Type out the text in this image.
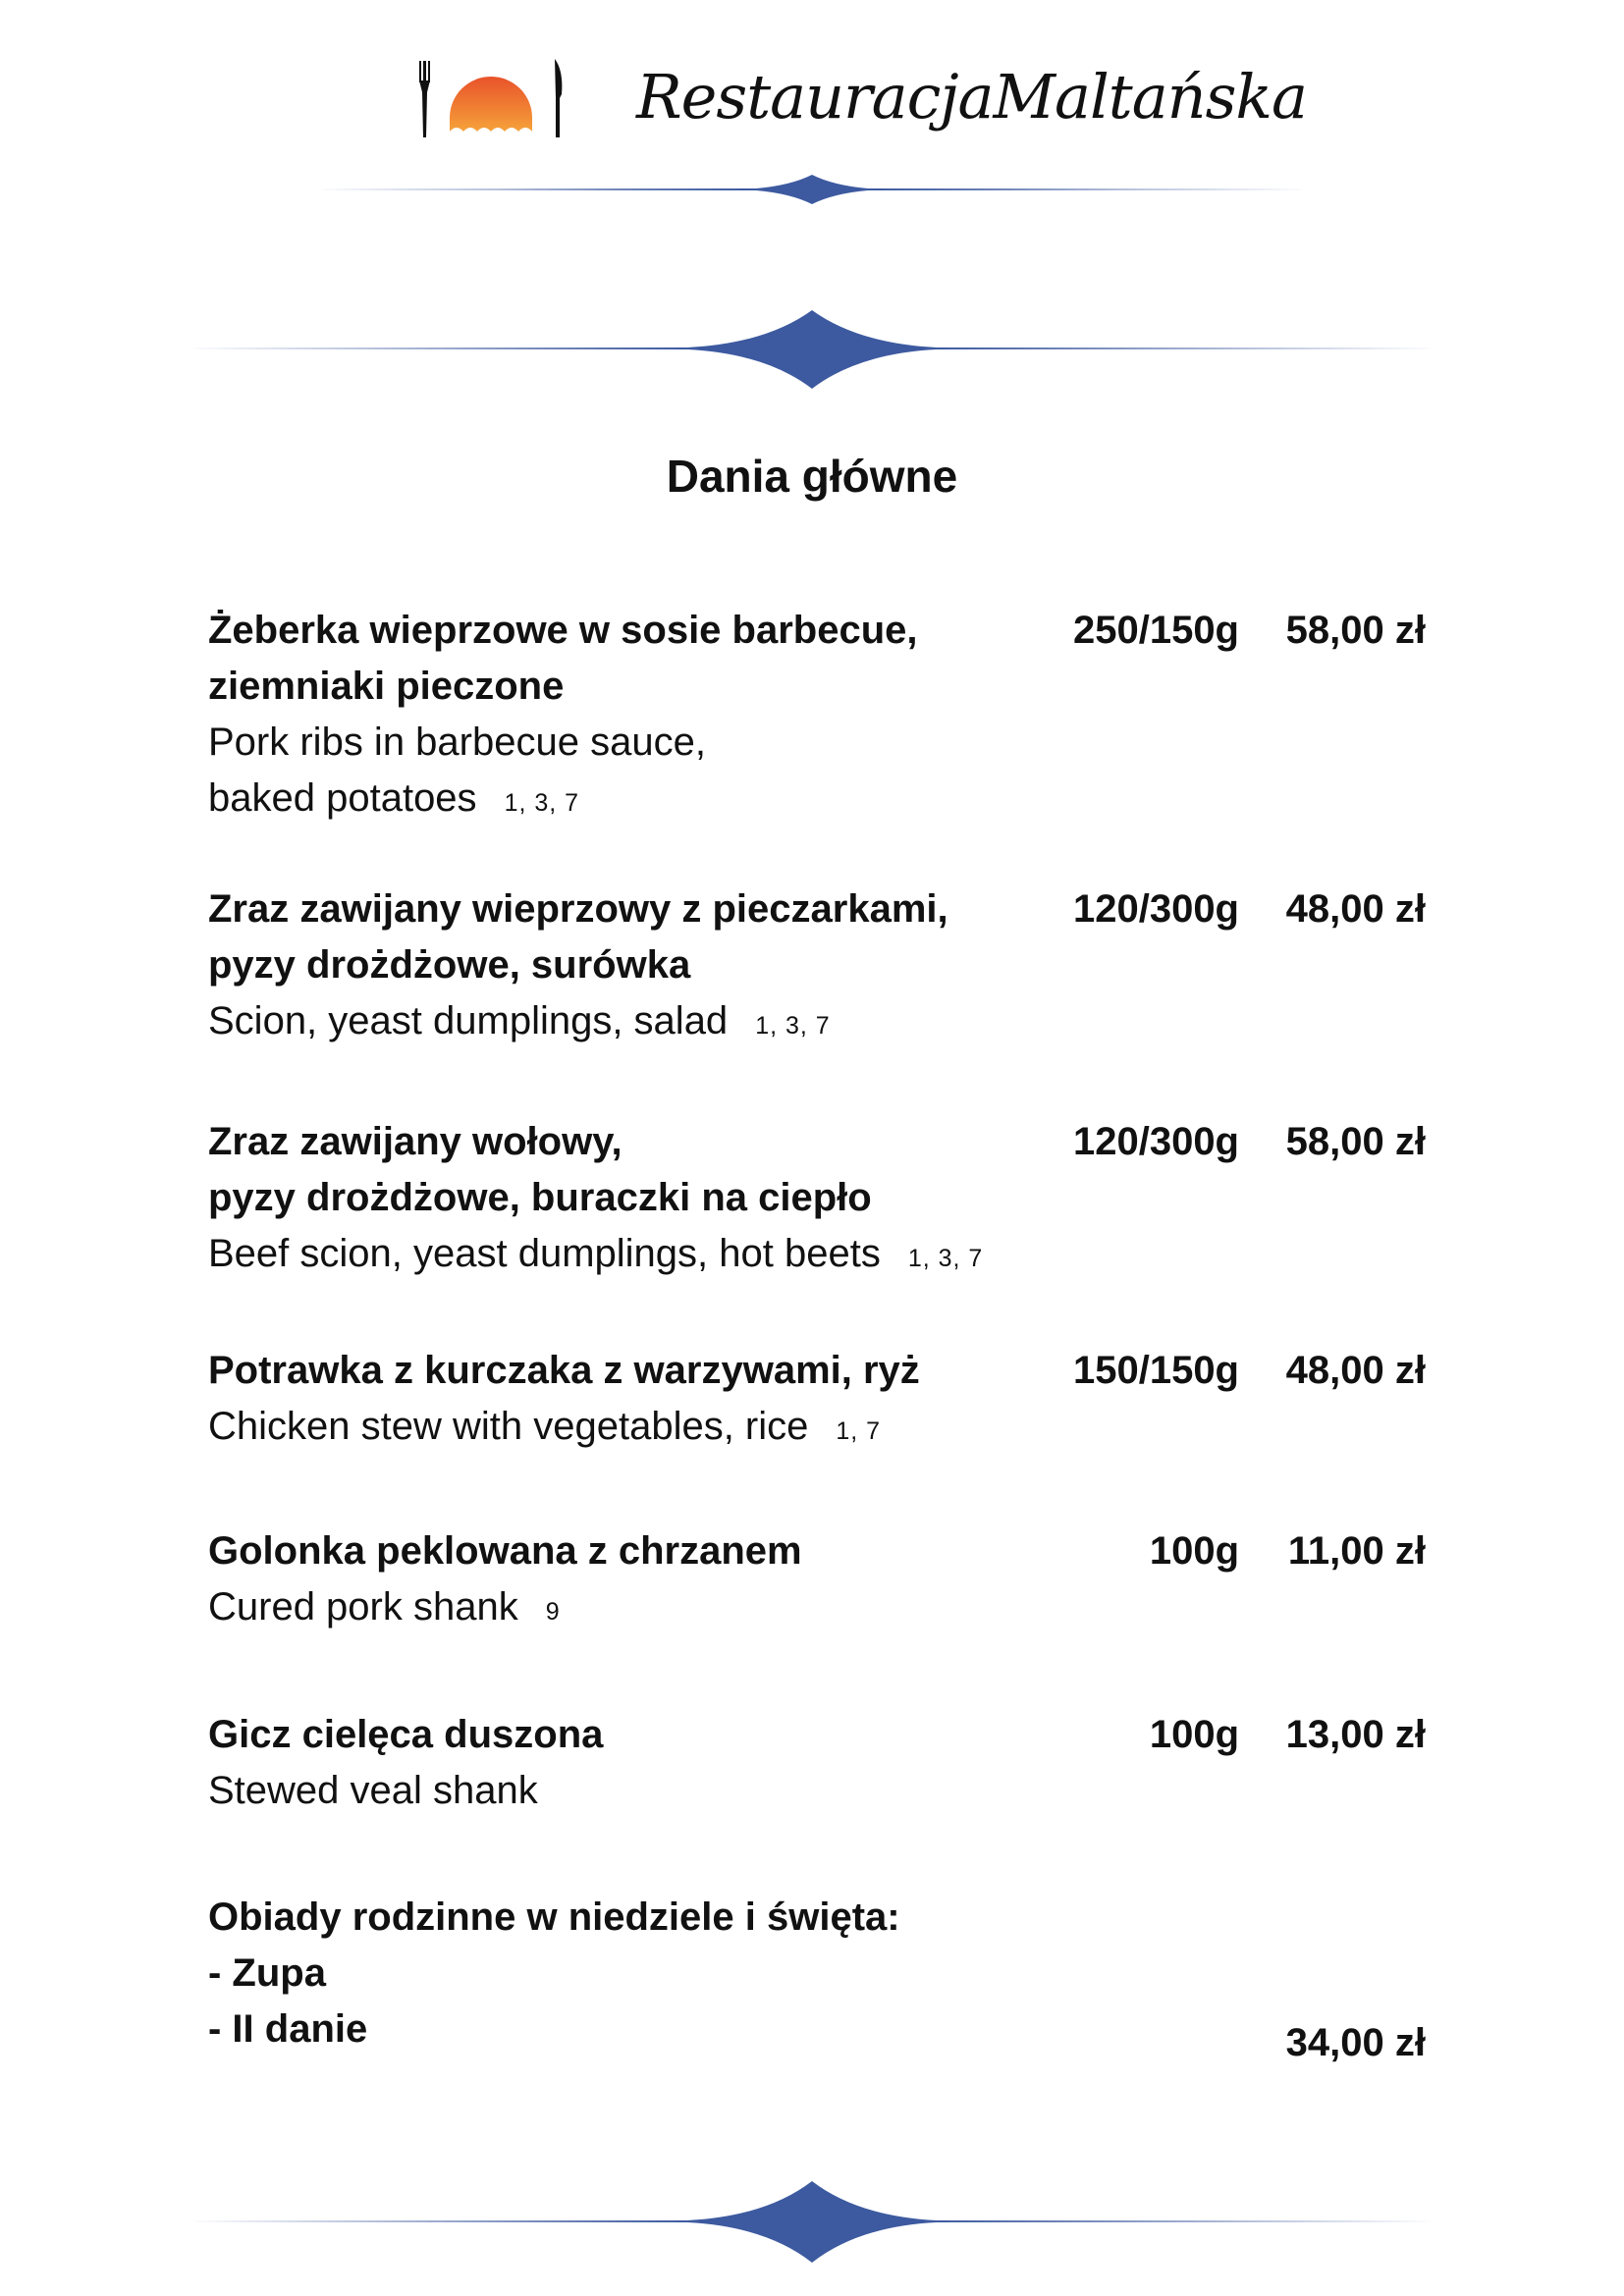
RestauracjaMaltańska
Dania główne
Żeberka wieprzowe w sosie barbecue,
ziemniaki pieczone
Pork ribs in barbecue sauce,
baked potatoes 1, 3, 7
250/150g 58,00 zł
Zraz zawijany wieprzowy z pieczarkami,
pyzy drożdżowe, surówka
Scion, yeast dumplings, salad 1, 3, 7
120/300g 48,00 zł
Zraz zawijany wołowy,
pyzy drożdżowe, buraczki na ciepło
Beef scion, yeast dumplings, hot beets 1, 3, 7
120/300g 58,00 zł
Potrawka z kurczaka z warzywami, ryż
Chicken stew with vegetables, rice 1, 7
150/150g 48,00 zł
Golonka peklowana z chrzanem
Cured pork shank 9
100g 11,00 zł
Gicz cielęca duszona
Stewed veal shank
100g 13,00 zł
Obiady rodzinne w niedziele i święta:
- Zupa
- II danie	34,00 zł
